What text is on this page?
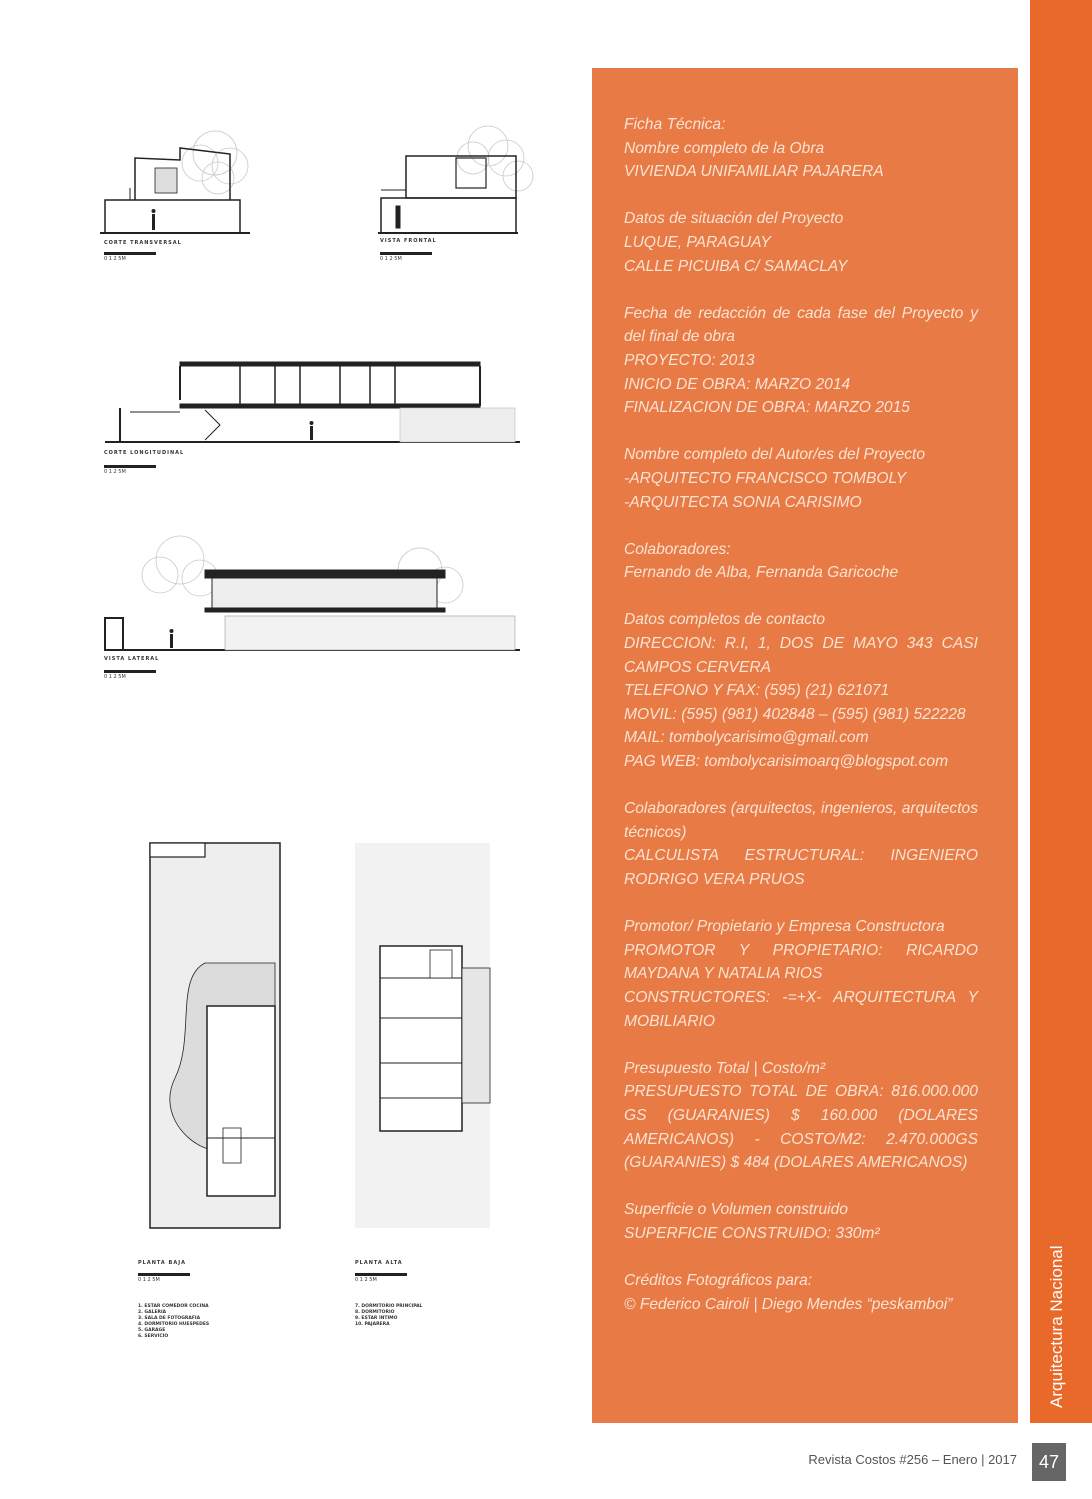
CORTE TRANSVERSAL
0 1 2 5M
VISTA FRONTAL
0 1 2 5M
CORTE LONGITUDINAL
0 1 2 5M
VISTA LATERAL
0 1 2 5M
PLANTA BAJA
0 1 2 5M
1. ESTAR COMEDOR COCINA
2. GALERIA
3. SALA DE FOTOGRAFIA
4. DORMITORIO HUESPEDES
5. GARAGE
6. SERVICIO
PLANTA ALTA
0 1 2 5M
7. DORMITORIO PRINCIPAL
8. DORMITORIO
9. ESTAR INTIMO
10. PAJARERA

Ficha Técnica:

Nombre completo de la Obra

VIVIENDA UNIFAMILIAR PAJARERA

Datos de situación del Proyecto

LUQUE, PARAGUAY

CALLE PICUIBA C/ SAMACLAY

Fecha de redacción de cada fase del Proyecto y del final de obra

PROYECTO: 2013

INICIO DE OBRA: MARZO 2014

FINALIZACION DE OBRA: MARZO 2015

Nombre completo del Autor/es del Proyecto

-ARQUITECTO FRANCISCO TOMBOLY

-ARQUITECTA SONIA CARISIMO

Colaboradores:

Fernando de Alba, Fernanda Garicoche

Datos completos de contacto

DIRECCION: R.I, 1, DOS DE MAYO 343 CASI CAMPOS CERVERA

TELEFONO Y FAX: (595) (21) 621071

MOVIL: (595) (981) 402848 – (595) (981) 522228

MAIL: tombolycarisimo@gmail.com

PAG WEB: tombolycarisimoarq@blogspot.com

Colaboradores (arquitectos, ingenieros, arquitectos técnicos)

CALCULISTA ESTRUCTURAL: INGENIERO RODRIGO VERA PRUOS

Promotor/ Propietario y Empresa Constructora

PROMOTOR Y PROPIETARIO: RICARDO MAYDANA Y NATALIA RIOS

CONSTRUCTORES: -=+X- ARQUITECTURA Y MOBILIARIO

Presupuesto Total | Costo/m²

PRESUPUESTO TOTAL DE OBRA: 816.000.000 GS (GUARANIES) $ 160.000 (DOLARES AMERICANOS) - COSTO/M2: 2.470.000GS (GUARANIES) $ 484 (DOLARES AMERICANOS)

Superficie o Volumen construido

SUPERFICIE CONSTRUIDO: 330m²

Créditos Fotográficos para:

© Federico Cairoli | Diego Mendes “peskamboi”	Arquitectura Nacional
Revista Costos #256 – Enero | 2017	47
